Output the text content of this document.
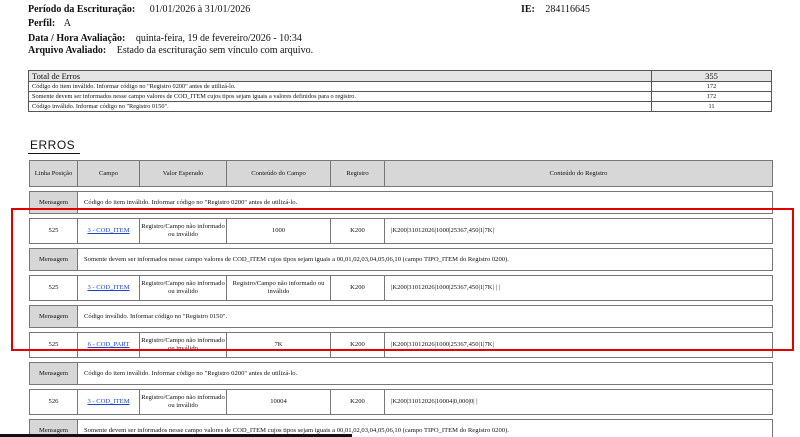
Período da Escrituração: 01/01/2026 à 31/01/2026	IE: 284116645
Perfil: A
Data / Hora Avaliação: quinta-feira, 19 de fevereiro/2026 - 10:34
Arquivo Avaliado: Estado da escrituração sem vínculo com arquivo.
Total de Erros	355
Código do item inválido. Informar código no "Registro 0200" antes de utilizá-lo.	172
Somente devem ser informados nesse campo valores de COD_ITEM cujos tipos sejam iguais a valores definidos para o registro.	172
Código inválido. Informar código no "Registro 0150".	11
ERROS
Linha Posição	Campo	Valor Esperado	Conteúdo do Campo	Registro	Conteúdo do Registro

Mensagem	Código do item inválido. Informar código no "Registro 0200" antes de utilizá-lo.				

525	3 - COD_ITEM	Registro/Campo não informado ou inválido	1000	K200	|K200|31012026|1000|25367,450|1|7K|

Mensagem	Somente devem ser informados nesse campo valores de COD_ITEM cujos tipos sejam iguais a 00,01,02,03,04,05,06,10 (campo TIPO_ITEM do Registro 0200).				

525	3 - COD_ITEM	Registro/Campo não informado ou inválido	Registro/Campo não informado ou inválido	K200	|K200|31012026|1000|25367,450|1|7K| | |

Mensagem	Código inválido. Informar código no "Registro 0150".				

525	6 - COD_PART	Registro/Campo não informado ou inválido	7K	K200	|K200|31012026|1000|25367,450|1|7K|

Mensagem	Código do item inválido. Informar código no "Registro 0200" antes de utilizá-lo.				

526	3 - COD_ITEM	Registro/Campo não informado ou inválido	10004	K200	|K200|31012026|10004|0,000|0| |

Mensagem	Somente devem ser informados nesse campo valores de COD_ITEM cujos tipos sejam iguais a 00,01,02,03,04,05,06,10 (campo TIPO_ITEM do Registro 0200).				
